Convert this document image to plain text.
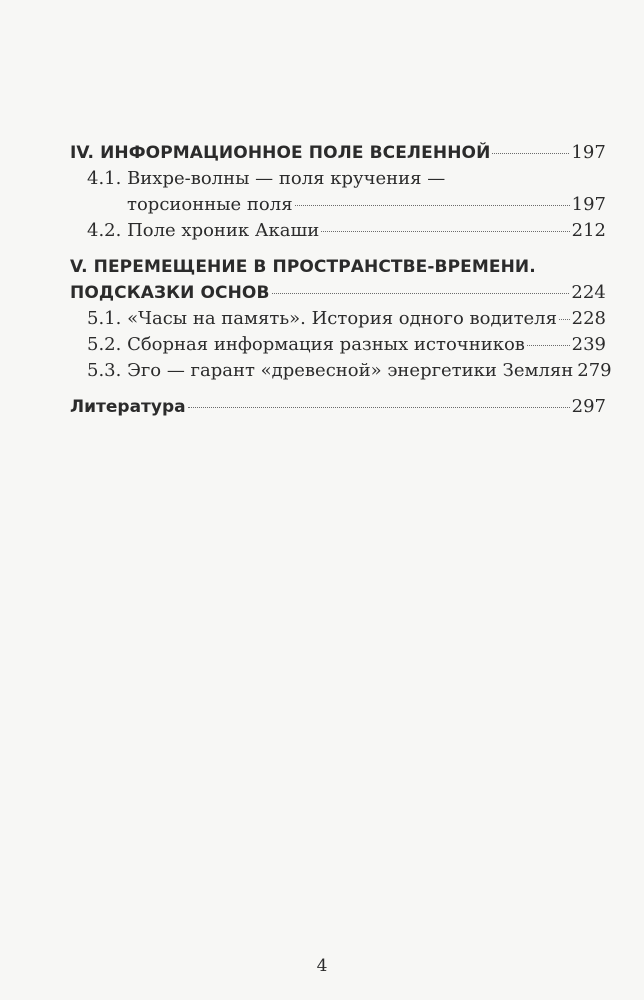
IV. ИНФОРМАЦИОННОЕ ПОЛЕ ВСЕЛЕННОЙ	197
4.1. Вихре-волны — поля кручения —
торсионные поля	197
4.2. Поле хроник Акаши	212
V. ПЕРЕМЕЩЕНИЕ В ПРОСТРАНСТВЕ-ВРЕМЕНИ.
ПОДСКАЗКИ ОСНОВ	224
5.1. «Часы на память». История одного водителя 228
5.2. Сборная информация разных источников	239
5.3. Эго — гарант «древесной» энергетики Землян 279
Литература	297
4
